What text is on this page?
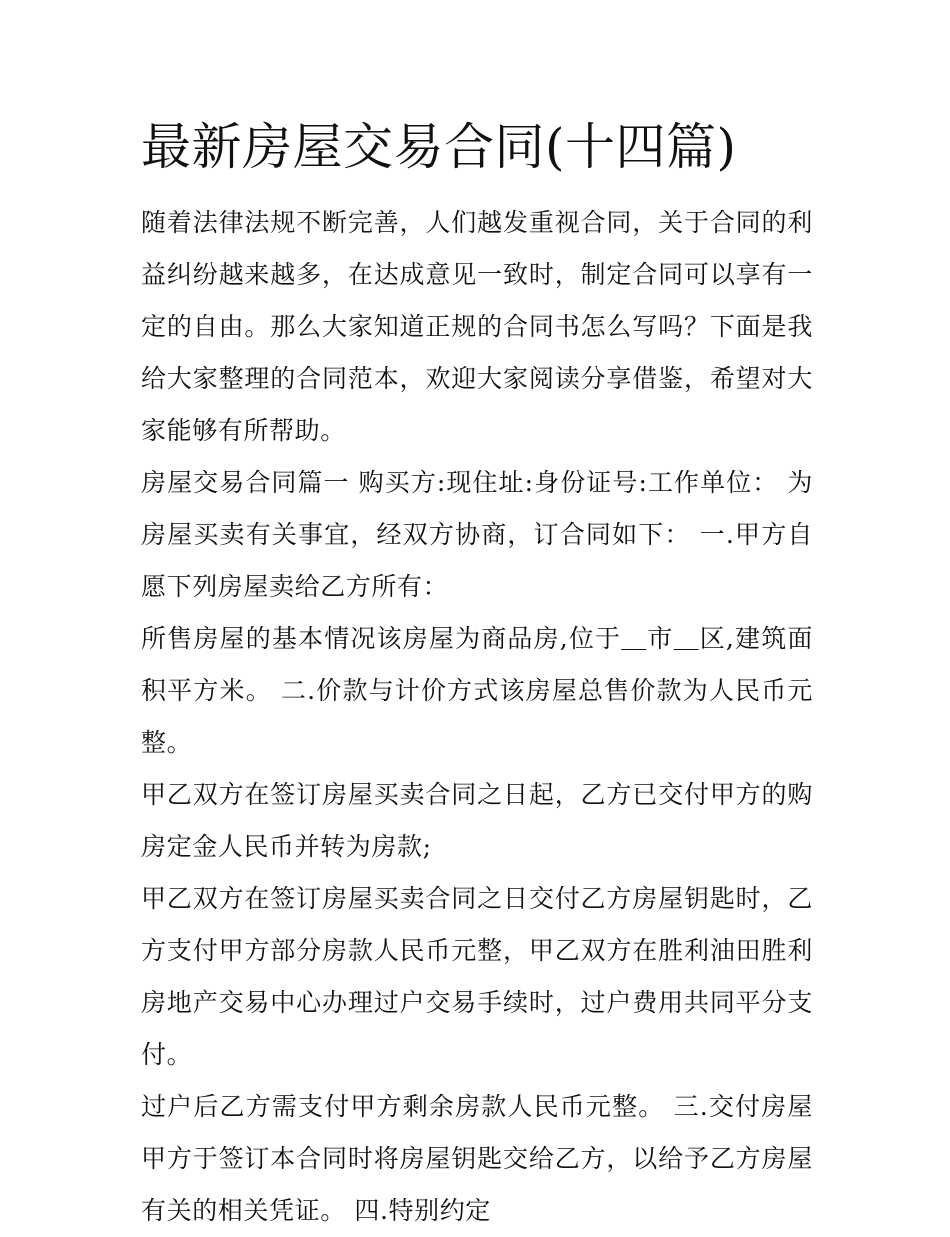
最新房屋交易合同(十四篇)

随着法律法规不断完善，人们越发重视合同，关于合同的利益纠纷越来越多，在达成意见一致时，制定合同可以享有一定的自由。那么大家知道正规的合同书怎么写吗？下面是我给大家整理的合同范本，欢迎大家阅读分享借鉴，希望对大家能够有所帮助。

房屋交易合同篇一 购买方:现住址:身份证号:工作单位： 为房屋买卖有关事宜，经双方协商，订合同如下： 一.甲方自愿下列房屋卖给乙方所有：

所售房屋的基本情况该房屋为商品房,位于＿市＿区,建筑面积平方米。 二.价款与计价方式该房屋总售价款为人民币元整。

甲乙双方在签订房屋买卖合同之日起，乙方已交付甲方的购房定金人民币并转为房款;

甲乙双方在签订房屋买卖合同之日交付乙方房屋钥匙时，乙方支付甲方部分房款人民币元整，甲乙双方在胜利油田胜利房地产交易中心办理过户交易手续时，过户费用共同平分支付。

过户后乙方需支付甲方剩余房款人民币元整。 三.交付房屋甲方于签订本合同时将房屋钥匙交给乙方，以给予乙方房屋有关的相关凭证。 四.特别约定
